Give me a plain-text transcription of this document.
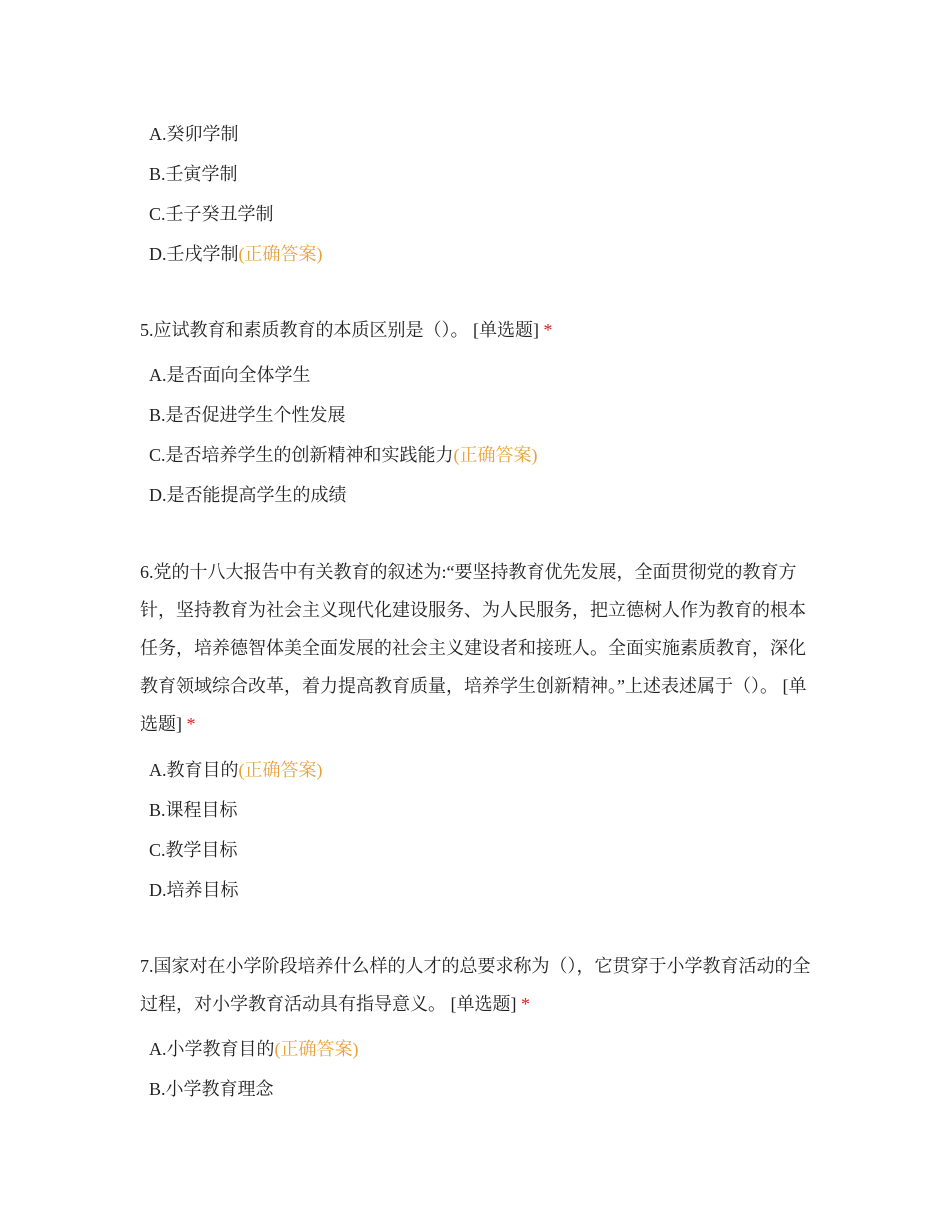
A.癸卯学制
B.壬寅学制
C.壬子癸丑学制
D.壬戌学制(正确答案)

5.应试教育和素质教育的本质区别是（）。 [单选题] *

A.是否面向全体学生
B.是否促进学生个性发展
C.是否培养学生的创新精神和实践能力(正确答案)
D.是否能提高学生的成绩

6.党的十八大报告中有关教育的叙述为:“要坚持教育优先发展，全面贯彻党的教育方针，坚持教育为社会主义现代化建设服务、为人民服务，把立德树人作为教育的根本任务，培养德智体美全面发展的社会主义建设者和接班人。全面实施素质教育，深化教育领域综合改革，着力提高教育质量，培养学生创新精神。”上述表述属于（）。 [单选题] *

A.教育目的(正确答案)
B.课程目标
C.教学目标
D.培养目标

7.国家对在小学阶段培养什么样的人才的总要求称为（），它贯穿于小学教育活动的全过程，对小学教育活动具有指导意义。 [单选题] *

A.小学教育目的(正确答案)
B.小学教育理念
